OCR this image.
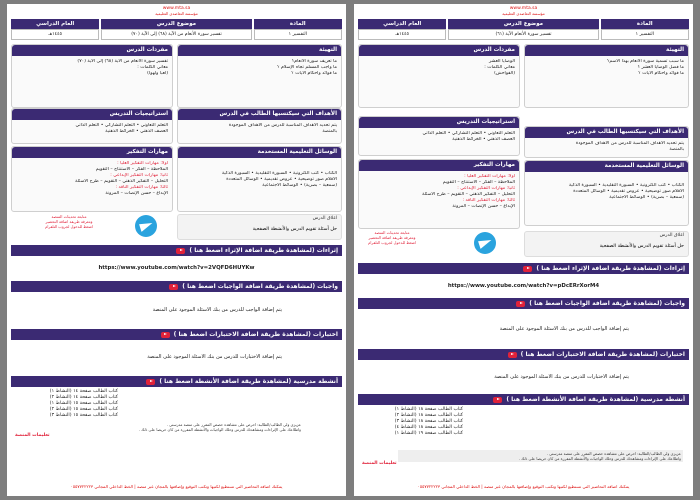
www.mta.sa
مؤسسة التعاضدي التعليمية
المادة
التفسير ١
موضوع الدرس
تفسير سورة الأنعام من الآية (٦٨) إلى الآية (٧٠)
العام الدراسي
١٤٤٥هـ
التهيئة
ما تعريف سورة الأنعام؟
ما واجب المسلم تجاه الإسلام ؟
ما فوائد وأحكام الآيات ؟
مفردات الدرس
تفسير سورة الأنعام من الآية (٦٨) إلى الآية (٧٠)
معاني الكلمات :
(لعبا ولهوا)
استراتيجيات التدريس
التعلم التعاوني • التعلم التشاركي • التعلم الذاتي
العصف الذهني • الخرائط الذهنية
الأهداف التي سيكتسبها الطالب في الدرس
يتم تحديد الأهداف المناسبة للدرس من الأهداف الموجودة
بالمنصة
مهارات التفكير
أولا: مهارات التفكير العليا :
الملاحظة – الفكر – الاستنتاج – التقويم
ثانيا: مهارات التفكير الإبداعي :
التحليل – التفكير الذهني – التقويم – طرح الأسئلة
ثالثا: مهارات التفكير الناقد :
الإبداع – حسن الإنصات – المرونة
الوسائل التعليمية المستخدمة
الكتاب • كتب الكترونية • السبورة التقليدية • السبورة الذكية
الأقلام صور توضيحية • عروض تقديمية • الوسائل المتعددة
(سمعية – بصرية) • الوسائط الاجتماعية
متابعة تحديثات المنصة
ومعرفة طريقة اضافة التحضير
اضغط للدخول لجروب التلقرام
اغلاق الدرس
حل أسئلة تقويم الدرس والأنشطة الصفحية
إثراءات (لمشاهدة طريقة اضافة الإثراء اضغط هنا )
https://www.youtube.com/watch?v=2VQFD6HUYKw
واجبات (لمشاهدة طريقة اضافة الواجبات اضغط هنا )
يتم إضافة الواجب للدرس من بنك الأسئلة الموجود على المنصة
اختبارات (لمشاهدة طريقة اضافة الاختبارات اضغط هنا )
يتم إضافة الاختبارات للدرس من بنك الأسئلة الموجود على المنصة
أنشطة مدرسية (لمشاهدة طريقة اضافة الأنشطة اضغط هنا )
كتاب الطالب صفحة ١٤ (النشاط ١)
كتاب الطالب صفحة ١٤ (النشاط ٢)
كتاب الطالب صفحة ١٥ (النشاط ١)
كتاب الطالب صفحة ١٥ (النشاط ٢)
كتاب الطالب صفحة ١٥ (النشاط ٣)
عزيزي ولي الطالب/الطالبة: احرص على مشاهدة حصص المقرر على منصة مدرستي .
واطلاعك على الإثراءات ومشاهدتك للدرس وحلك الواجبات والأنشطة المقررة من كان حريصا على ذلك .
تعليمات المنصة
يمكنك اضافة التحاضير التي تستطيع لكتبها وتكتب التوقيع وإضافتها بالمجان عبر منصة | الخط الداخلي المجاني ٠٥٥٧٧٢٢٢٢٣
www.mta.sa
مؤسسة التعاضدي التعليمية
المادة
التفسير ١
موضوع الدرس
تفسير سورة الأنعام الآية (٦١)
العام الدراسي
١٤٤٥هـ
التهيئة
ما سبب تسمية سورة الأنعام بهذا الاسم؟
ما فضل الوصايا العشر ؟
ما فوائد وأحكام الآيات ؟
مفردات الدرس
الوصايا العشر
معاني الكلمات :
(الفواحش)
استراتيجيات التدريس
التعلم التعاوني • التعلم التشاركي • التعلم الذاتي
العصف الذهني • الخرائط الذهنية
الأهداف التي سيكتسبها الطالب في الدرس
يتم تحديد الأهداف المناسبة للدرس من الأهداف الموجودة
بالمنصة
مهارات التفكير
أولا: مهارات التفكير العليا :
الملاحظة – الفكر – الاستنتاج – التقويم
ثانيا: مهارات التفكير الإبداعي :
التحليل – التفكير الذهني – التقويم – طرح الأسئلة
ثالثا: مهارات التفكير الناقد :
الإبداع – حسن الإنصات – المرونة
الوسائل التعليمية المستخدمة
الكتاب • كتب الكترونية • السبورة التقليدية • السبورة الذكية
الأقلام صور توضيحية • عروض تقديمية • الوسائل المتعددة
(سمعية – بصرية) • الوسائط الاجتماعية
متابعة تحديثات المنصة
ومعرفة طريقة اضافة التحضير
اضغط للدخول لجروب التلقرام
اغلاق الدرس
حل أسئلة تقويم الدرس والأنشطة الصفحية
إثراءات (لمشاهدة طريقة اضافة الإثراء اضغط هنا )
https://www.youtube.com/watch?v=pDcERrXorM4
واجبات (لمشاهدة طريقة اضافة الواجبات اضغط هنا )
يتم إضافة الواجب للدرس من بنك الأسئلة الموجود على المنصة
اختبارات (لمشاهدة طريقة اضافة الاختبارات اضغط هنا )
يتم إضافة الاختبارات للدرس من بنك الأسئلة الموجود على المنصة
أنشطة مدرسية (لمشاهدة طريقة اضافة الأنشطة اضغط هنا )
كتاب الطالب صفحة ١٨ (النشاط ١)
كتاب الطالب صفحة ١٨ (النشاط ٢)
كتاب الطالب صفحة ١٨ (النشاط ٣)
كتاب الطالب صفحة ١٨ (النشاط ٤)
كتاب الطالب صفحة ١٩ (النشاط ١)
عزيزي ولي الطالب/الطالبة: احرص على مشاهدة حصص المقرر على منصة مدرستي .
واطلاعك على الإثراءات ومشاهدتك للدرس وحلك الواجبات والأنشطة المقررة من كان حريصا على ذلك .
تعليمات المنصة
يمكنك اضافة التحاضير التي تستطيع لكتبها وتكتب التوقيع وإضافتها بالمجان عبر منصة | الخط الداخلي المجاني ٠٥٥٧٧٢٢٢٢٣
